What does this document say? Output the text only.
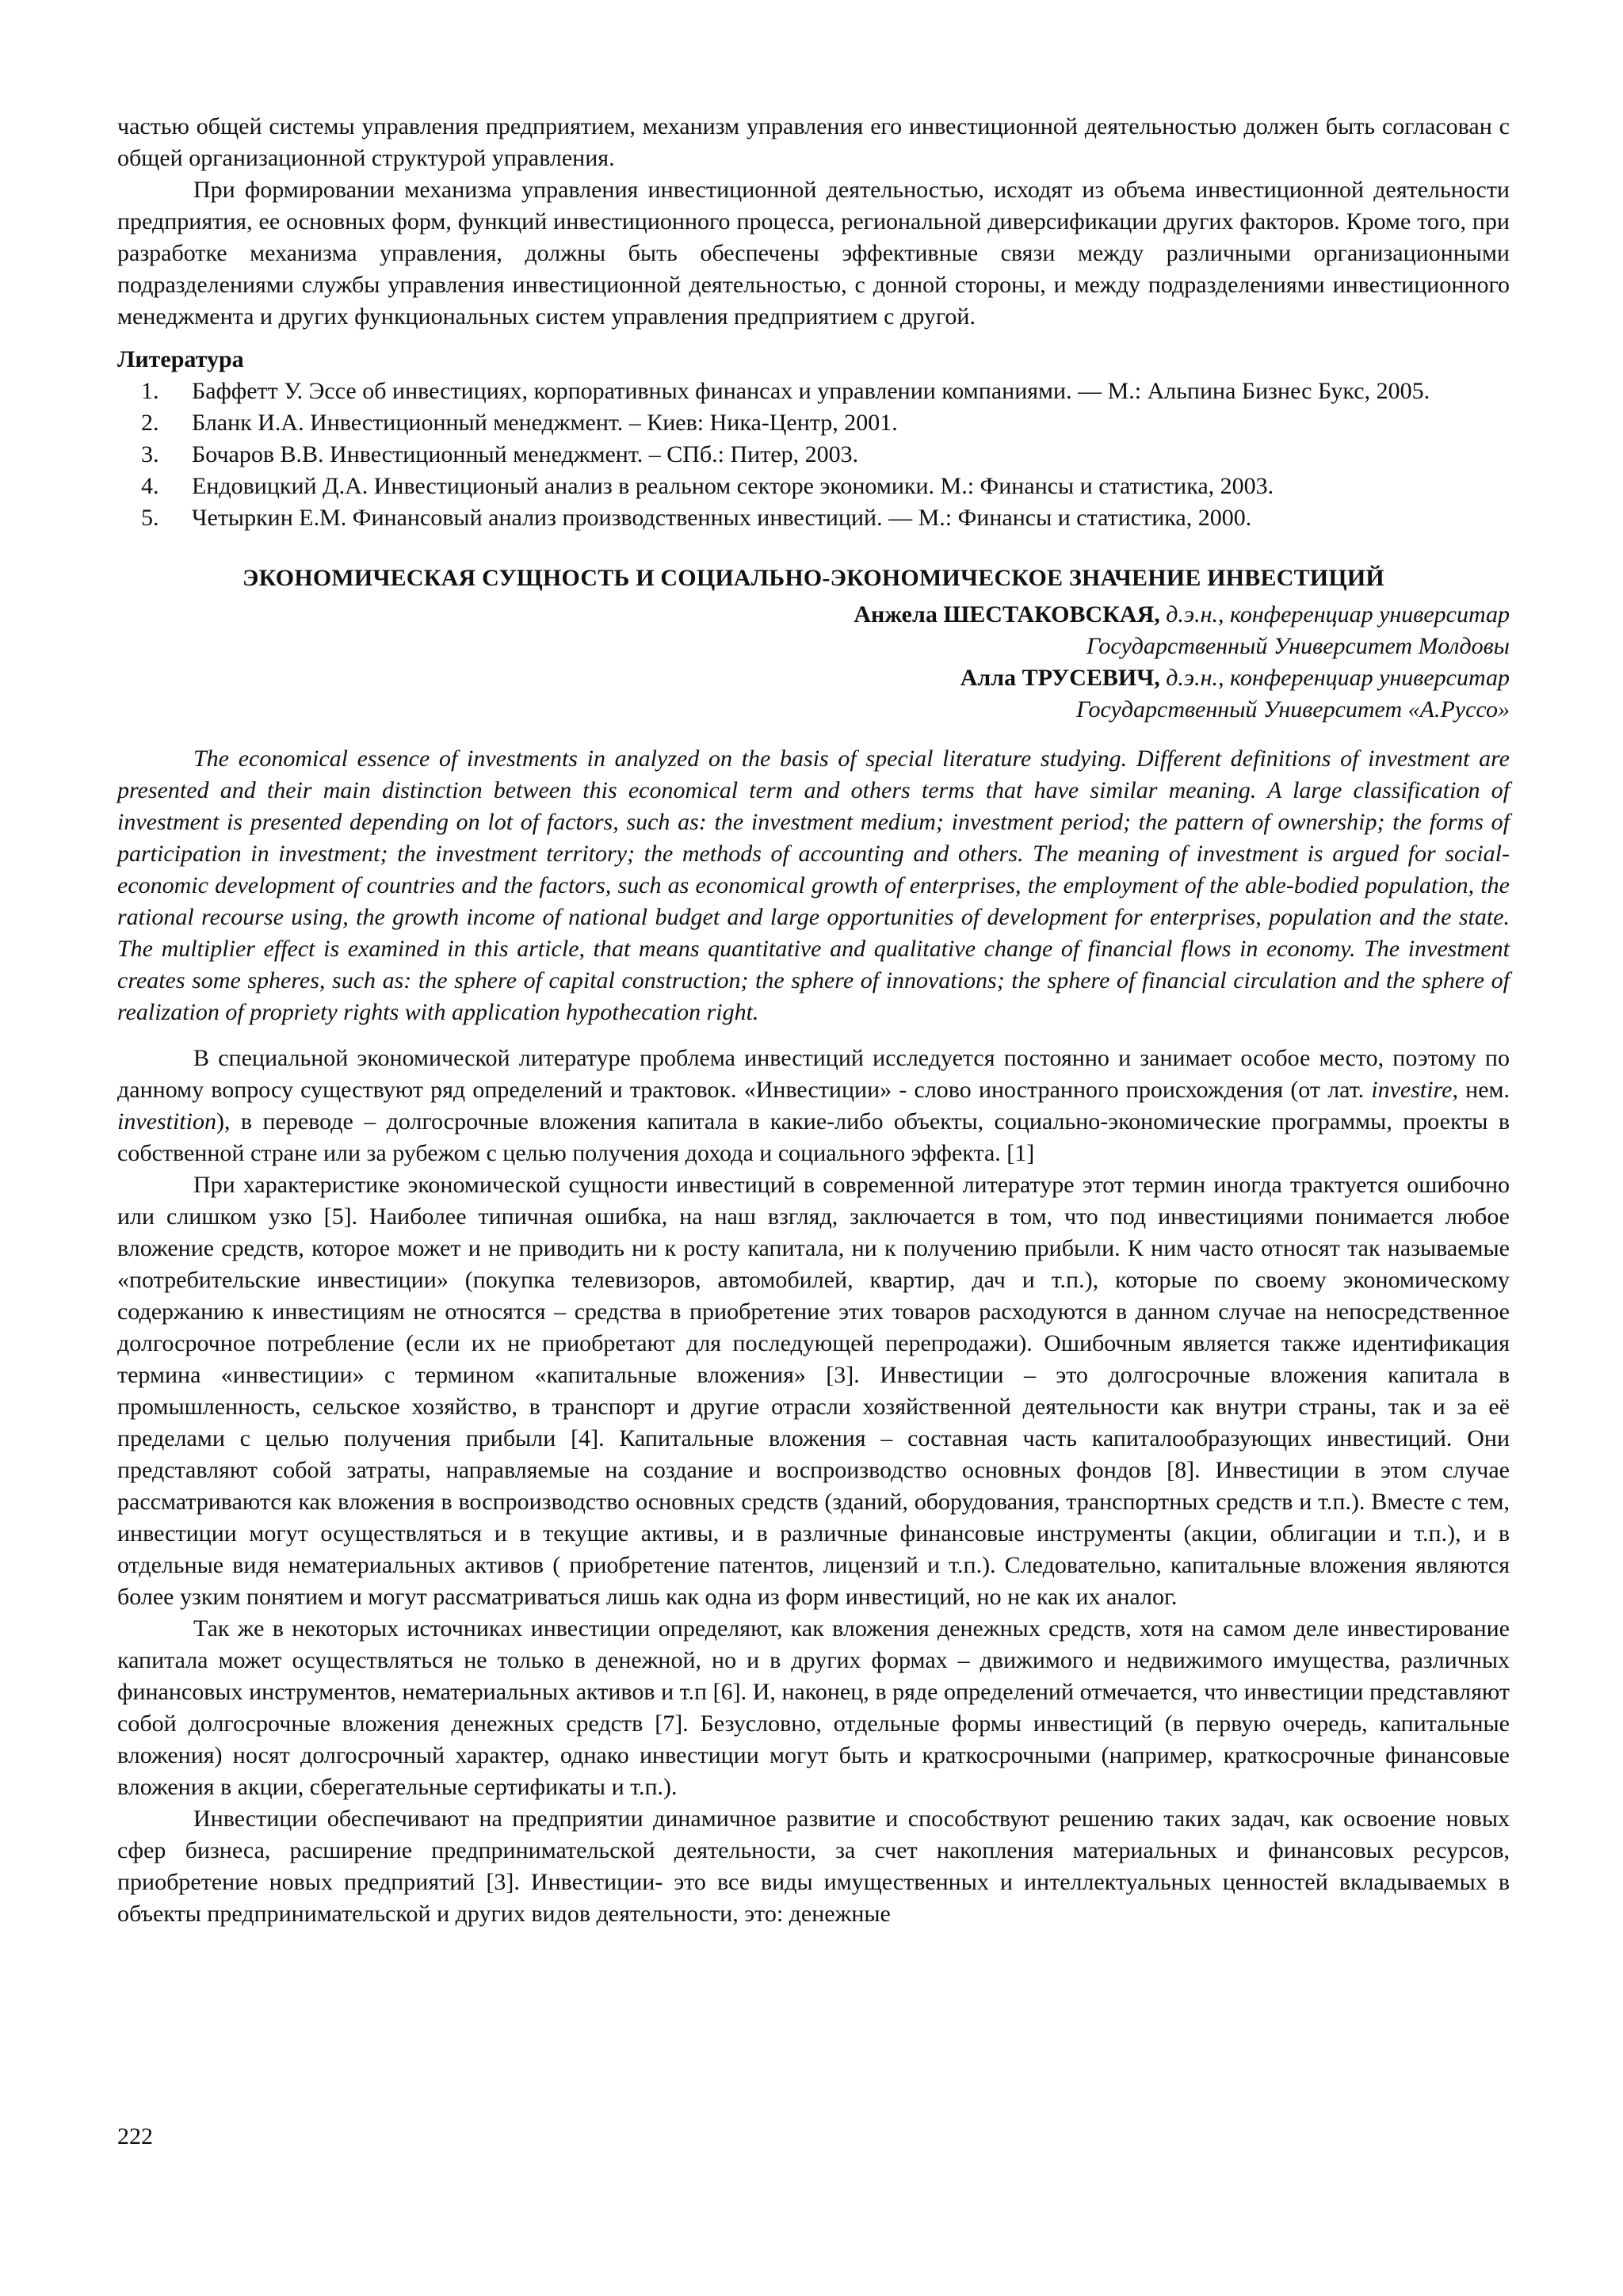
частью общей системы управления предприятием, механизм управления его инвестиционной деятельностью должен быть согласован с общей организационной структурой управления.

При формировании механизма управления инвестиционной деятельностью, исходят из объема инвестиционной деятельности предприятия, ее основных форм, функций инвестиционного процесса, региональной диверсификации других факторов. Кроме того, при разработке механизма управления, должны быть обеспечены эффективные связи между различными организационными подразделениями службы управления инвестиционной деятельностью, с донной стороны, и между подразделениями инвестиционного менеджмента и других функциональных систем управления предприятием с другой.

Литература
1. Баффетт У. Эссе об инвестициях, корпоративных финансах и управлении компаниями. — М.: Альпина Бизнес Букс, 2005.
2. Бланк И.А. Инвестиционный менеджмент. – Киев: Ника-Центр, 2001.
3. Бочаров В.В. Инвестиционный менеджмент. – СПб.: Питер, 2003.
4. Ендовицкий Д.А. Инвестиционый анализ в реальном секторе экономики. М.: Финансы и статистика, 2003.
5. Четыркин Е.М. Финансовый анализ производственных инвестиций. — М.: Финансы и статистика, 2000.
ЭКОНОМИЧЕСКАЯ СУЩНОСТЬ И СОЦИАЛЬНО-ЭКОНОМИЧЕСКОЕ ЗНАЧЕНИЕ ИНВЕСТИЦИЙ
Анжела ШЕСТАКОВСКАЯ, д.э.н., конференциар университар
Государственный Университет Молдовы
Алла ТРУСЕВИЧ, д.э.н., конференциар университар
Государственный Университет «А.Руссо»

The economical essence of investments in analyzed on the basis of special literature studying. Different definitions of investment are presented and their main distinction between this economical term and others terms that have similar meaning. A large classification of investment is presented depending on lot of factors, such as: the investment medium; investment period; the pattern of ownership; the forms of participation in investment; the investment territory; the methods of accounting and others. The meaning of investment is argued for social-economic development of countries and the factors, such as economical growth of enterprises, the employment of the able-bodied population, the rational recourse using, the growth income of national budget and large opportunities of development for enterprises, population and the state. The multiplier effect is examined in this article, that means quantitative and qualitative change of financial flows in economy. The investment creates some spheres, such as: the sphere of capital construction; the sphere of innovations; the sphere of financial circulation and the sphere of realization of propriety rights with application hypothecation right.

В специальной экономической литературе проблема инвестиций исследуется постоянно и занимает особое место, поэтому по данному вопросу существуют ряд определений и трактовок. «Инвестиции» - слово иностранного происхождения (от лат. investire, нем. investition), в переводе – долгосрочные вложения капитала в какие-либо объекты, социально-экономические программы, проекты в собственной стране или за рубежом с целью получения дохода и социального эффекта. [1]

При характеристике экономической сущности инвестиций в современной литературе этот термин иногда трактуется ошибочно или слишком узко [5]. Наиболее типичная ошибка, на наш взгляд, заключается в том, что под инвестициями понимается любое вложение средств, которое может и не приводить ни к росту капитала, ни к получению прибыли. К ним часто относят так называемые «потребительские инвестиции» (покупка телевизоров, автомобилей, квартир, дач и т.п.), которые по своему экономическому содержанию к инвестициям не относятся – средства в приобретение этих товаров расходуются в данном случае на непосредственное долгосрочное потребление (если их не приобретают для последующей перепродажи). Ошибочным является также идентификация термина «инвестиции» с термином «капитальные вложения» [3]. Инвестиции – это долгосрочные вложения капитала в промышленность, сельское хозяйство, в транспорт и другие отрасли хозяйственной деятельности как внутри страны, так и за её пределами с целью получения прибыли [4]. Капитальные вложения – составная часть капиталообразующих инвестиций. Они представляют собой затраты, направляемые на создание и воспроизводство основных фондов [8]. Инвестиции в этом случае рассматриваются как вложения в воспроизводство основных средств (зданий, оборудования, транспортных средств и т.п.). Вместе с тем, инвестиции могут осуществляться и в текущие активы, и в различные финансовые инструменты (акции, облигации и т.п.), и в отдельные видя нематериальных активов ( приобретение патентов, лицензий и т.п.). Следовательно, капитальные вложения являются более узким понятием и могут рассматриваться лишь как одна из форм инвестиций, но не как их аналог.

Так же в некоторых источниках инвестиции определяют, как вложения денежных средств, хотя на самом деле инвестирование капитала может осуществляться не только в денежной, но и в других формах – движимого и недвижимого имущества, различных финансовых инструментов, нематериальных активов и т.п [6]. И, наконец, в ряде определений отмечается, что инвестиции представляют собой долгосрочные вложения денежных средств [7]. Безусловно, отдельные формы инвестиций (в первую очередь, капитальные вложения) носят долгосрочный характер, однако инвестиции могут быть и краткосрочными (например, краткосрочные финансовые вложения в акции, сберегательные сертификаты и т.п.).

Инвестиции обеспечивают на предприятии динамичное развитие и способствуют решению таких задач, как освоение новых сфер бизнеса, расширение предпринимательской деятельности, за счет накопления материальных и финансовых ресурсов, приобретение новых предприятий [3]. Инвестиции- это все виды имущественных и интеллектуальных ценностей вкладываемых в объекты предпринимательской и других видов деятельности, это: денежные

222
